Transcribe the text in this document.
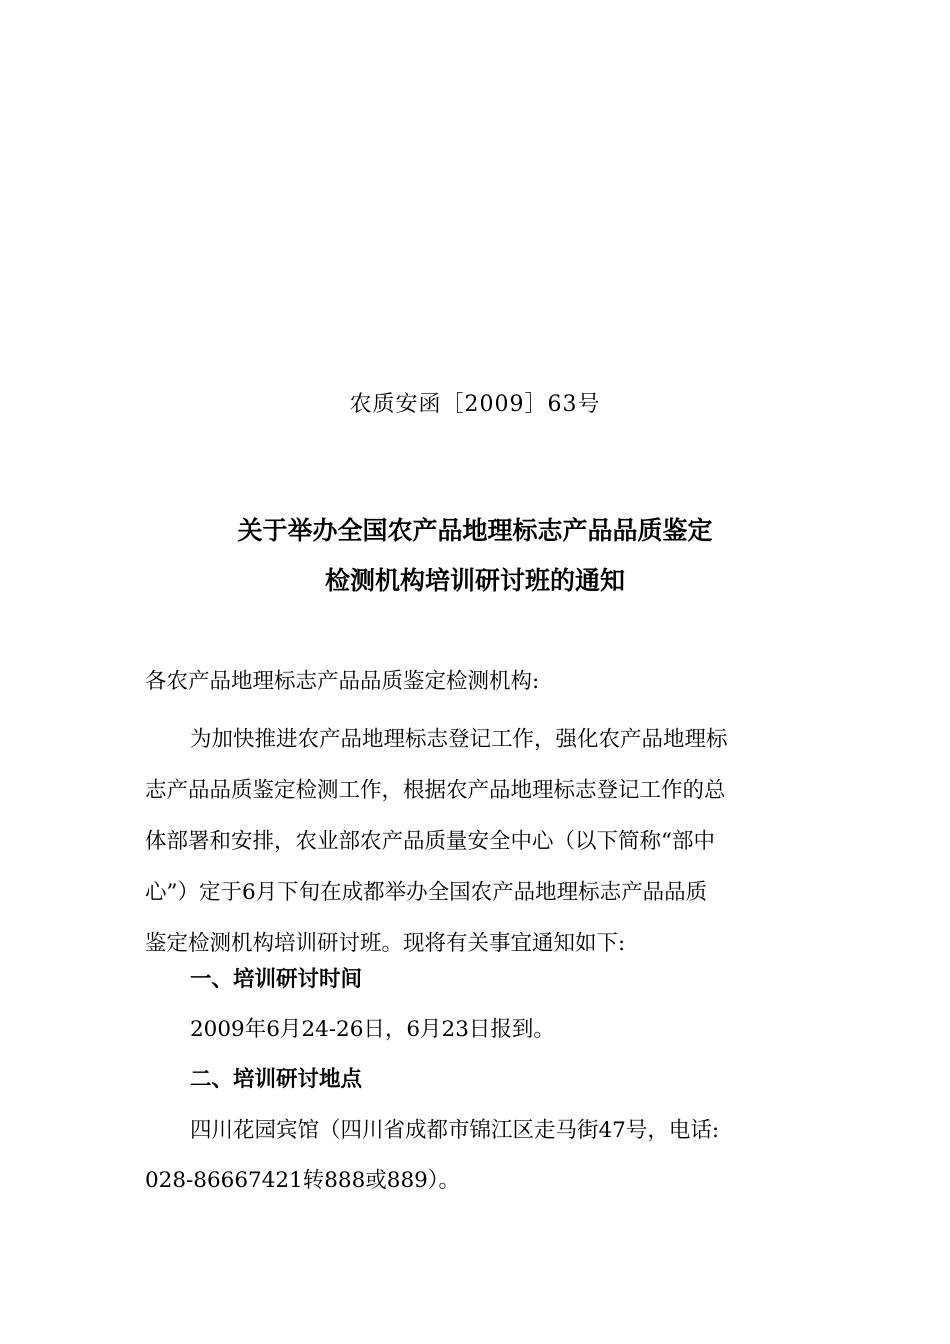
农质安函［2009］63号
关于举办全国农产品地理标志产品品质鉴定
检测机构培训研讨班的通知
各农产品地理标志产品品质鉴定检测机构:
为加快推进农产品地理标志登记工作，强化农产品地理标
志产品品质鉴定检测工作，根据农产品地理标志登记工作的总
体部署和安排，农业部农产品质量安全中心（以下简称“部中
心”）定于6月下旬在成都举办全国农产品地理标志产品品质
鉴定检测机构培训研讨班。现将有关事宜通知如下:
一、培训研讨时间
2009年6月24-26日，6月23日报到。
二、培训研讨地点
四川花园宾馆（四川省成都市锦江区走马街47号，电话:
028-86667421转888或889）。
